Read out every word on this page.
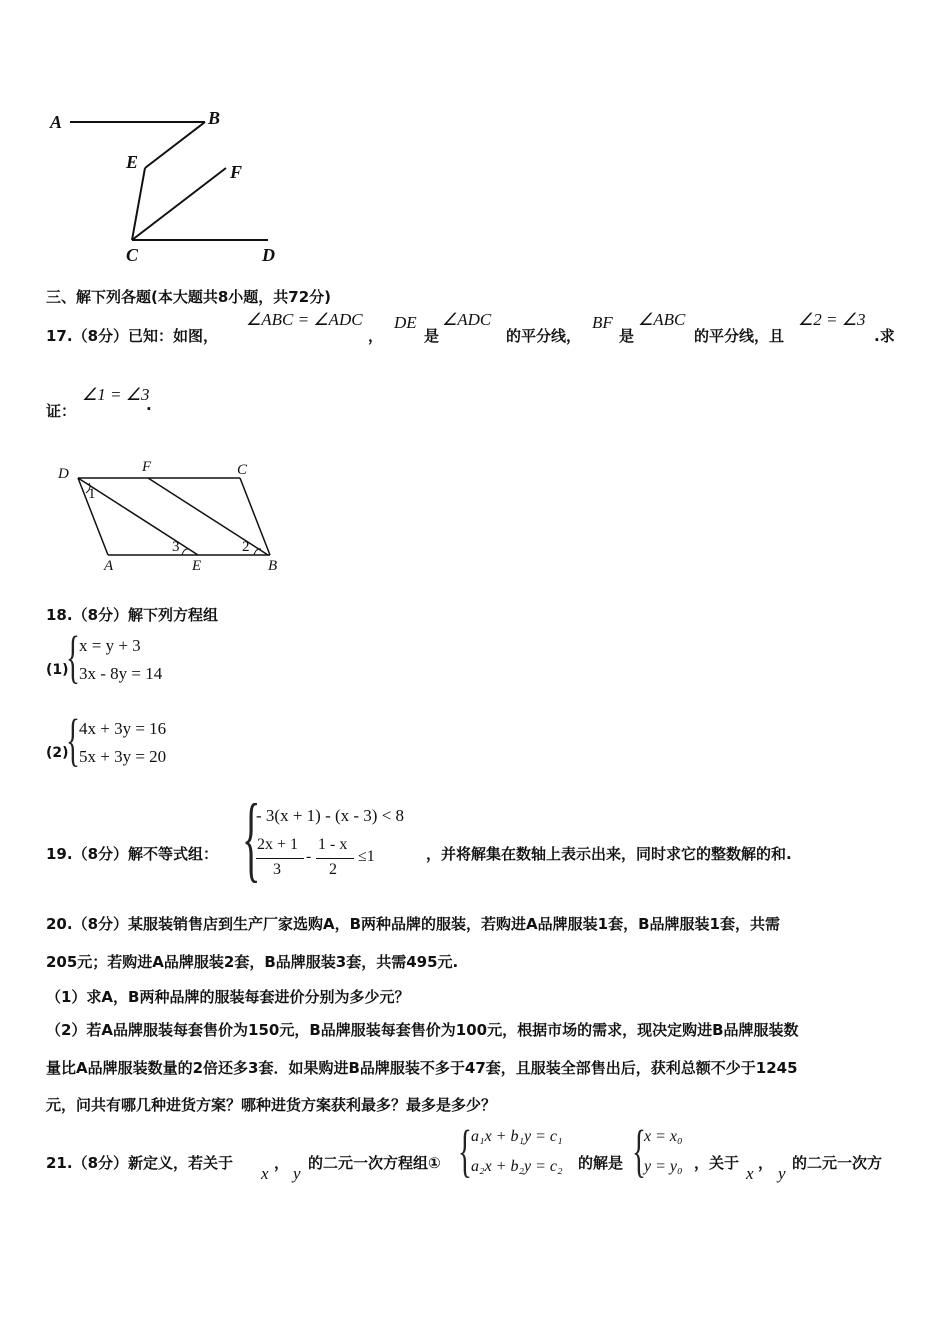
A	B
E	F
C	D
三、解下列各题(本大题共8小题，共72分)
17.（8分）已知：如图，
∠ABC = ∠ADC
，
DE
是
∠ADC
的平分线，
BF
是
∠ABC
的平分线，且
∠2 = ∠3
.求
证：
∠1 = ∠3
.
D	F	C
A	E	B
1
3	2
18.（8分）解下列方程组
(1)
{ x = y + 3
3x - 8y = 14
(2)
{ 4x + 3y = 16
5x + 3y = 20
19.（8分）解不等式组： {
- 3(x + 1) - (x - 3) < 8
2x + 1
3
-
1 - x
2
≤1	，并将解集在数轴上表示出来，同时求它的整数解的和.
20.（8分）某服装销售店到生产厂家选购A，B两种品牌的服装，若购进A品牌服装1套，B品牌服装1套，共需
205元；若购进A品牌服装2套，B品牌服装3套，共需495元.
（1）求A，B两种品牌的服装每套进价分别为多少元？
（2）若A品牌服装每套售价为150元，B品牌服装每套售价为100元，根据市场的需求，现决定购进B品牌服装数
量比A品牌服装数量的2倍还多3套．如果购进B品牌服装不多于47套，且服装全部售出后，获利总额不少于1245
元，问共有哪几种进货方案？哪种进货方案获利最多？最多是多少？
21.（8分）新定义，若关于
x
，
y
的二元一次方程组① { a₁x + b₁y = c₁
a₂x + b₂y = c₂ 的解是 {
x = x₀
y = y₀ ，关于
x
，
y
的二元一次方
